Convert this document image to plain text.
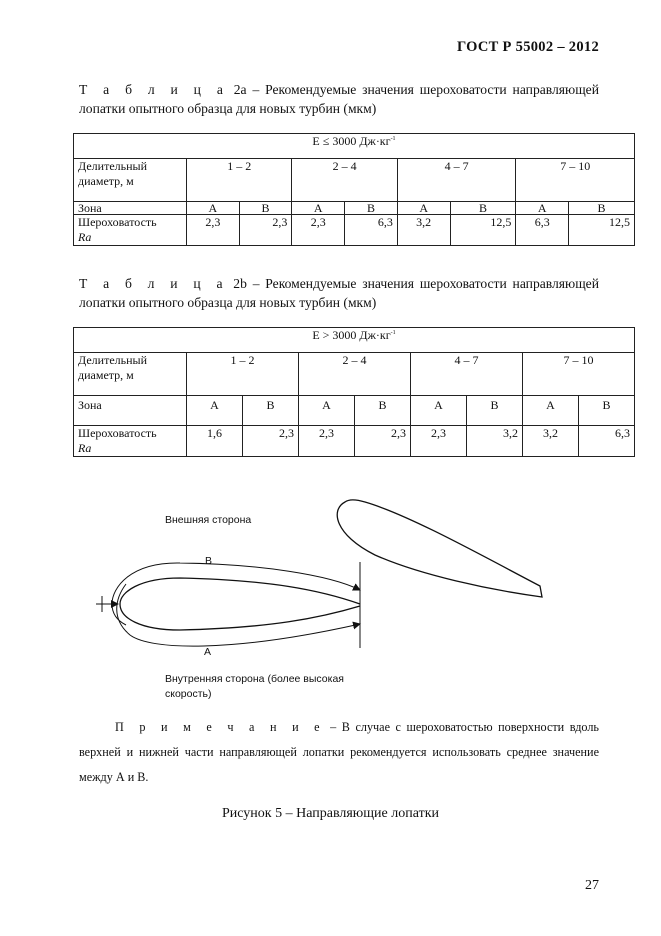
ГОСТ Р 55002 – 2012
Т а б л и ц а 2a – Рекомендуемые значения шероховатости направляющей лопатки опытного образца для новых турбин (мкм)
E ≤ 3000 $Дж\cdot кг^{-1}$
Делительный диаметр, м	1 – 2		2 – 4		4 – 7		7 – 10	
Зона	A	B	A	B	A	B	A	B
Шероховатость
Ra	2,3	2,3	2,3	6,3	3,2	12,5	6,3	12,5
Т а б л и ц а 2b – Рекомендуемые значения шероховатости направляющей лопатки опытного образца для новых турбин (мкм)
E > 3000 $Дж\cdot кг^{-1}$
Делительный диаметр, м	1 – 2		2 – 4		4 – 7		7 – 10	
Зона	A	B	A	B	A	B	A	B
Шероховатость
Ra	1,6	2,3	2,3	2,3	2,3	3,2	3,2	6,3
Внешняя сторона
B
A
Внутренняя сторона (более высокая
скорость)
П р и м е ч а н и е – В случае с шероховатостью поверхности вдоль верхней и нижней части направляющей лопатки рекомендуется использовать среднее значение между А и В.
Рисунок 5 – Направляющие лопатки
27
